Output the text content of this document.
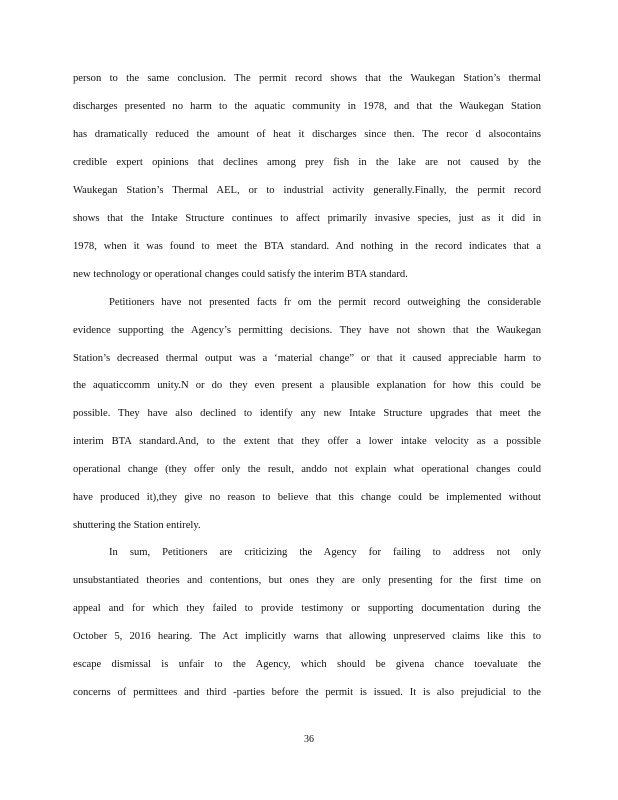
person to the same conclusion. The permit record shows that the Waukegan Station’s thermal
discharges presented no harm to the aquatic community in 1978, and that the Waukegan Station
has dramatically reduced the amount of heat it discharges since then. The recor d alsocontains
credible expert opinions that declines among prey fish in the lake are not caused by the
Waukegan Station’s Thermal AEL, or to industrial activity generally.Finally, the permit record
shows that the Intake Structure continues to affect primarily invasive species, just as it did in
1978, when it was found to meet the BTA standard. And nothing in the record indicates that a
new technology or operational changes could satisfy the interim BTA standard.
Petitioners have not presented facts fr om the permit record outweighing the considerable
evidence supporting the Agency’s permitting decisions. They have not shown that the Waukegan
Station’s decreased thermal output was a ‘material change” or that it caused appreciable harm to
the aquaticcomm unity.N or do they even present a plausible explanation for how this could be
possible. They have also declined to identify any new Intake Structure upgrades that meet the
interim BTA standard.And, to the extent that they offer a lower intake velocity as a possible
operational change (they offer only the result, anddo not explain what operational changes could
have produced it),they give no reason to believe that this change could be implemented without
shuttering the Station entirely.
In sum, Petitioners are criticizing the Agency for failing to address not only
unsubstantiated theories and contentions, but ones they are only presenting for the first time on
appeal and for which they failed to provide testimony or supporting documentation during the
October 5, 2016 hearing. The Act implicitly warns that allowing unpreserved claims like this to
escape dismissal is unfair to the Agency, which should be givena chance toevaluate the
concerns of permittees and third -parties before the permit is issued. It is also prejudicial to the
36
